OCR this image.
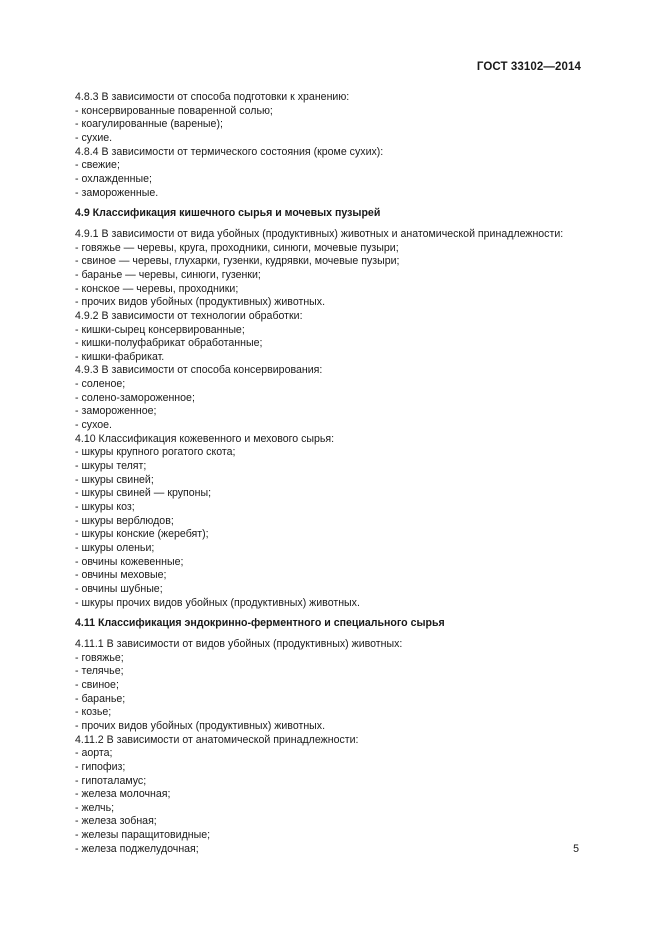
ГОСТ 33102—2014
4.8.3 В зависимости от способа подготовки к хранению:
- консервированные поваренной солью;
- коагулированные (вареные);
- сухие.
4.8.4 В зависимости от термического состояния (кроме сухих):
- свежие;
- охлажденные;
- замороженные.
4.9 Классификация кишечного сырья и мочевых пузырей
4.9.1 В зависимости от вида убойных (продуктивных) животных и анатомической принадлежности:
- говяжье — черевы, круга, проходники, синюги, мочевые пузыри;
- свиное — черевы, глухарки, гузенки, кудрявки, мочевые пузыри;
- баранье — черевы, синюги, гузенки;
- конское — черевы, проходники;
- прочих видов убойных (продуктивных) животных.
4.9.2 В зависимости от технологии обработки:
- кишки-сырец консервированные;
- кишки-полуфабрикат обработанные;
- кишки-фабрикат.
4.9.3 В зависимости от способа консервирования:
- соленое;
- солено-замороженное;
- замороженное;
- сухое.
4.10 Классификация кожевенного и мехового сырья:
- шкуры крупного рогатого скота;
- шкуры телят;
- шкуры свиней;
- шкуры свиней — крупоны;
- шкуры коз;
- шкуры верблюдов;
- шкуры конские (жеребят);
- шкуры оленьи;
- овчины кожевенные;
- овчины меховые;
- овчины шубные;
- шкуры прочих видов убойных (продуктивных) животных.
4.11 Классификация эндокринно-ферментного и специального сырья
4.11.1 В зависимости от видов убойных (продуктивных) животных:
- говяжье;
- телячье;
- свиное;
- баранье;
- козье;
- прочих видов убойных (продуктивных) животных.
4.11.2 В зависимости от анатомической принадлежности:
- аорта;
- гипофиз;
- гипоталамус;
- железа молочная;
- желчь;
- железа зобная;
- железы паращитовидные;
- железа поджелудочная;	5
